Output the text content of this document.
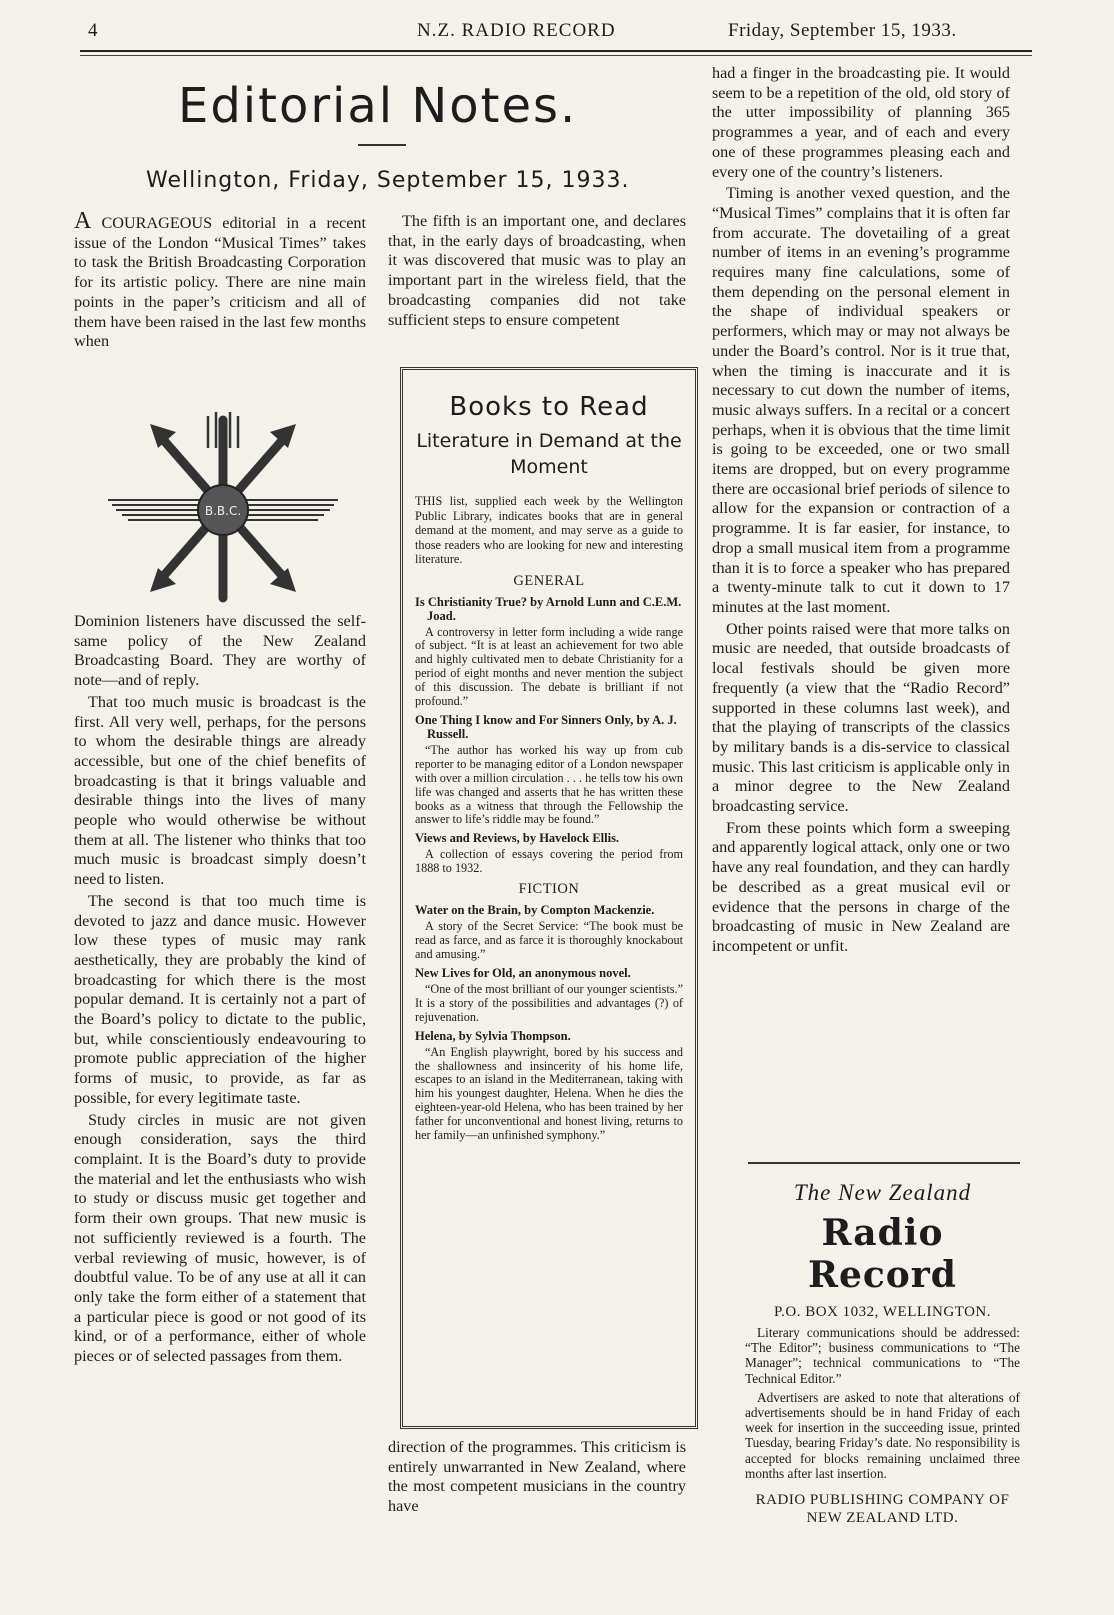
4	N.Z. RADIO RECORD	Friday, September 15, 1933.
Editorial Notes.
Wellington, Friday, September 15, 1933.

A COURAGEOUS editorial in a recent issue of the London “Musical Times” takes to task the British Broadcasting Corporation for its artistic policy. There are nine main points in the paper’s criticism and all of them have been raised in the last few months when

B.B.C.

Dominion listeners have discussed the self-same policy of the New Zealand Broadcasting Board. They are worthy of note—and of reply.

That too much music is broadcast is the first. All very well, perhaps, for the persons to whom the desirable things are already accessible, but one of the chief benefits of broadcasting is that it brings valuable and desirable things into the lives of many people who would otherwise be without them at all. The listener who thinks that too much music is broadcast simply doesn’t need to listen.

The second is that too much time is devoted to jazz and dance music. However low these types of music may rank aesthetically, they are probably the kind of broadcasting for which there is the most popular demand. It is certainly not a part of the Board’s policy to dictate to the public, but, while conscientiously endeavouring to promote public appreciation of the higher forms of music, to provide, as far as possible, for every legitimate taste.

Study circles in music are not given enough consideration, says the third complaint. It is the Board’s duty to provide the material and let the enthusiasts who wish to study or discuss music get together and form their own groups. That new music is not sufficiently reviewed is a fourth. The verbal reviewing of music, however, is of doubtful value. To be of any use at all it can only take the form either of a statement that a particular piece is good or not good of its kind, or of a performance, either of whole pieces or of selected passages from them.

The fifth is an important one, and declares that, in the early days of broadcasting, when it was discovered that music was to play an important part in the wireless field, that the broadcasting companies did not take sufficient steps to ensure competent

Books to Read
Literature in Demand at the Moment

THIS list, supplied each week by the Wellington Public Library, indicates books that are in general demand at the moment, and may serve as a guide to those readers who are looking for new and interesting literature.

GENERAL
Is Christianity True? by Arnold Lunn and C.E.M. Joad.
A controversy in letter form including a wide range of subject. “It is at least an achievement for two able and highly cultivated men to debate Christianity for a period of eight months and never mention the subject of this discussion. The debate is brilliant if not profound.”
One Thing I know and For Sinners Only, by A. J. Russell.
“The author has worked his way up from cub reporter to be managing editor of a London newspaper with over a million circulation . . . he tells tow his own life was changed and asserts that he has written these books as a witness that through the Fellowship the answer to life’s riddle may be found.”
Views and Reviews, by Havelock Ellis.
A collection of essays covering the period from 1888 to 1932.
FICTION
Water on the Brain, by Compton Mackenzie.
A story of the Secret Service: “The book must be read as farce, and as farce it is thoroughly knockabout and amusing.”
New Lives for Old, an anonymous novel.
“One of the most brilliant of our younger scientists.” It is a story of the possibilities and advantages (?) of rejuvenation.
Helena, by Sylvia Thompson.
“An English playwright, bored by his success and the shallowness and insincerity of his home life, escapes to an island in the Mediterranean, taking with him his youngest daughter, Helena. When he dies the eighteen-year-old Helena, who has been trained by her father for unconventional and honest living, returns to her family—an unfinished symphony.”

direction of the programmes. This criticism is entirely unwarranted in New Zealand, where the most competent musicians in the country have

had a finger in the broadcasting pie. It would seem to be a repetition of the old, old story of the utter impossibility of planning 365 programmes a year, and of each and every one of these programmes pleasing each and every one of the country’s listeners.

Timing is another vexed question, and the “Musical Times” complains that it is often far from accurate. The dovetailing of a great number of items in an evening’s programme requires many fine calculations, some of them depending on the personal element in the shape of individual speakers or performers, which may or may not always be under the Board’s control. Nor is it true that, when the timing is inaccurate and it is necessary to cut down the number of items, music always suffers. In a recital or a concert perhaps, when it is obvious that the time limit is going to be exceeded, one or two small items are dropped, but on every programme there are occasional brief periods of silence to allow for the expansion or contraction of a programme. It is far easier, for instance, to drop a small musical item from a programme than it is to force a speaker who has prepared a twenty-minute talk to cut it down to 17 minutes at the last moment.

Other points raised were that more talks on music are needed, that outside broadcasts of local festivals should be given more frequently (a view that the “Radio Record” supported in these columns last week), and that the playing of transcripts of the classics by military bands is a dis-service to classical music. This last criticism is applicable only in a minor degree to the New Zealand broadcasting service.

From these points which form a sweeping and apparently logical attack, only one or two have any real foundation, and they can hardly be described as a great musical evil or evidence that the persons in charge of the broadcasting of music in New Zealand are incompetent or unfit.

The New Zealand
Radio Record
P.O. BOX 1032, WELLINGTON.

Literary communications should be addressed: “The Editor”; business communications to “The Manager”; technical communications to “The Technical Editor.”

Advertisers are asked to note that alterations of advertisements should be in hand Friday of each week for insertion in the succeeding issue, printed Tuesday, bearing Friday’s date. No responsibility is accepted for blocks remaining unclaimed three months after last insertion.

RADIO PUBLISHING COMPANY OF NEW ZEALAND LTD.
